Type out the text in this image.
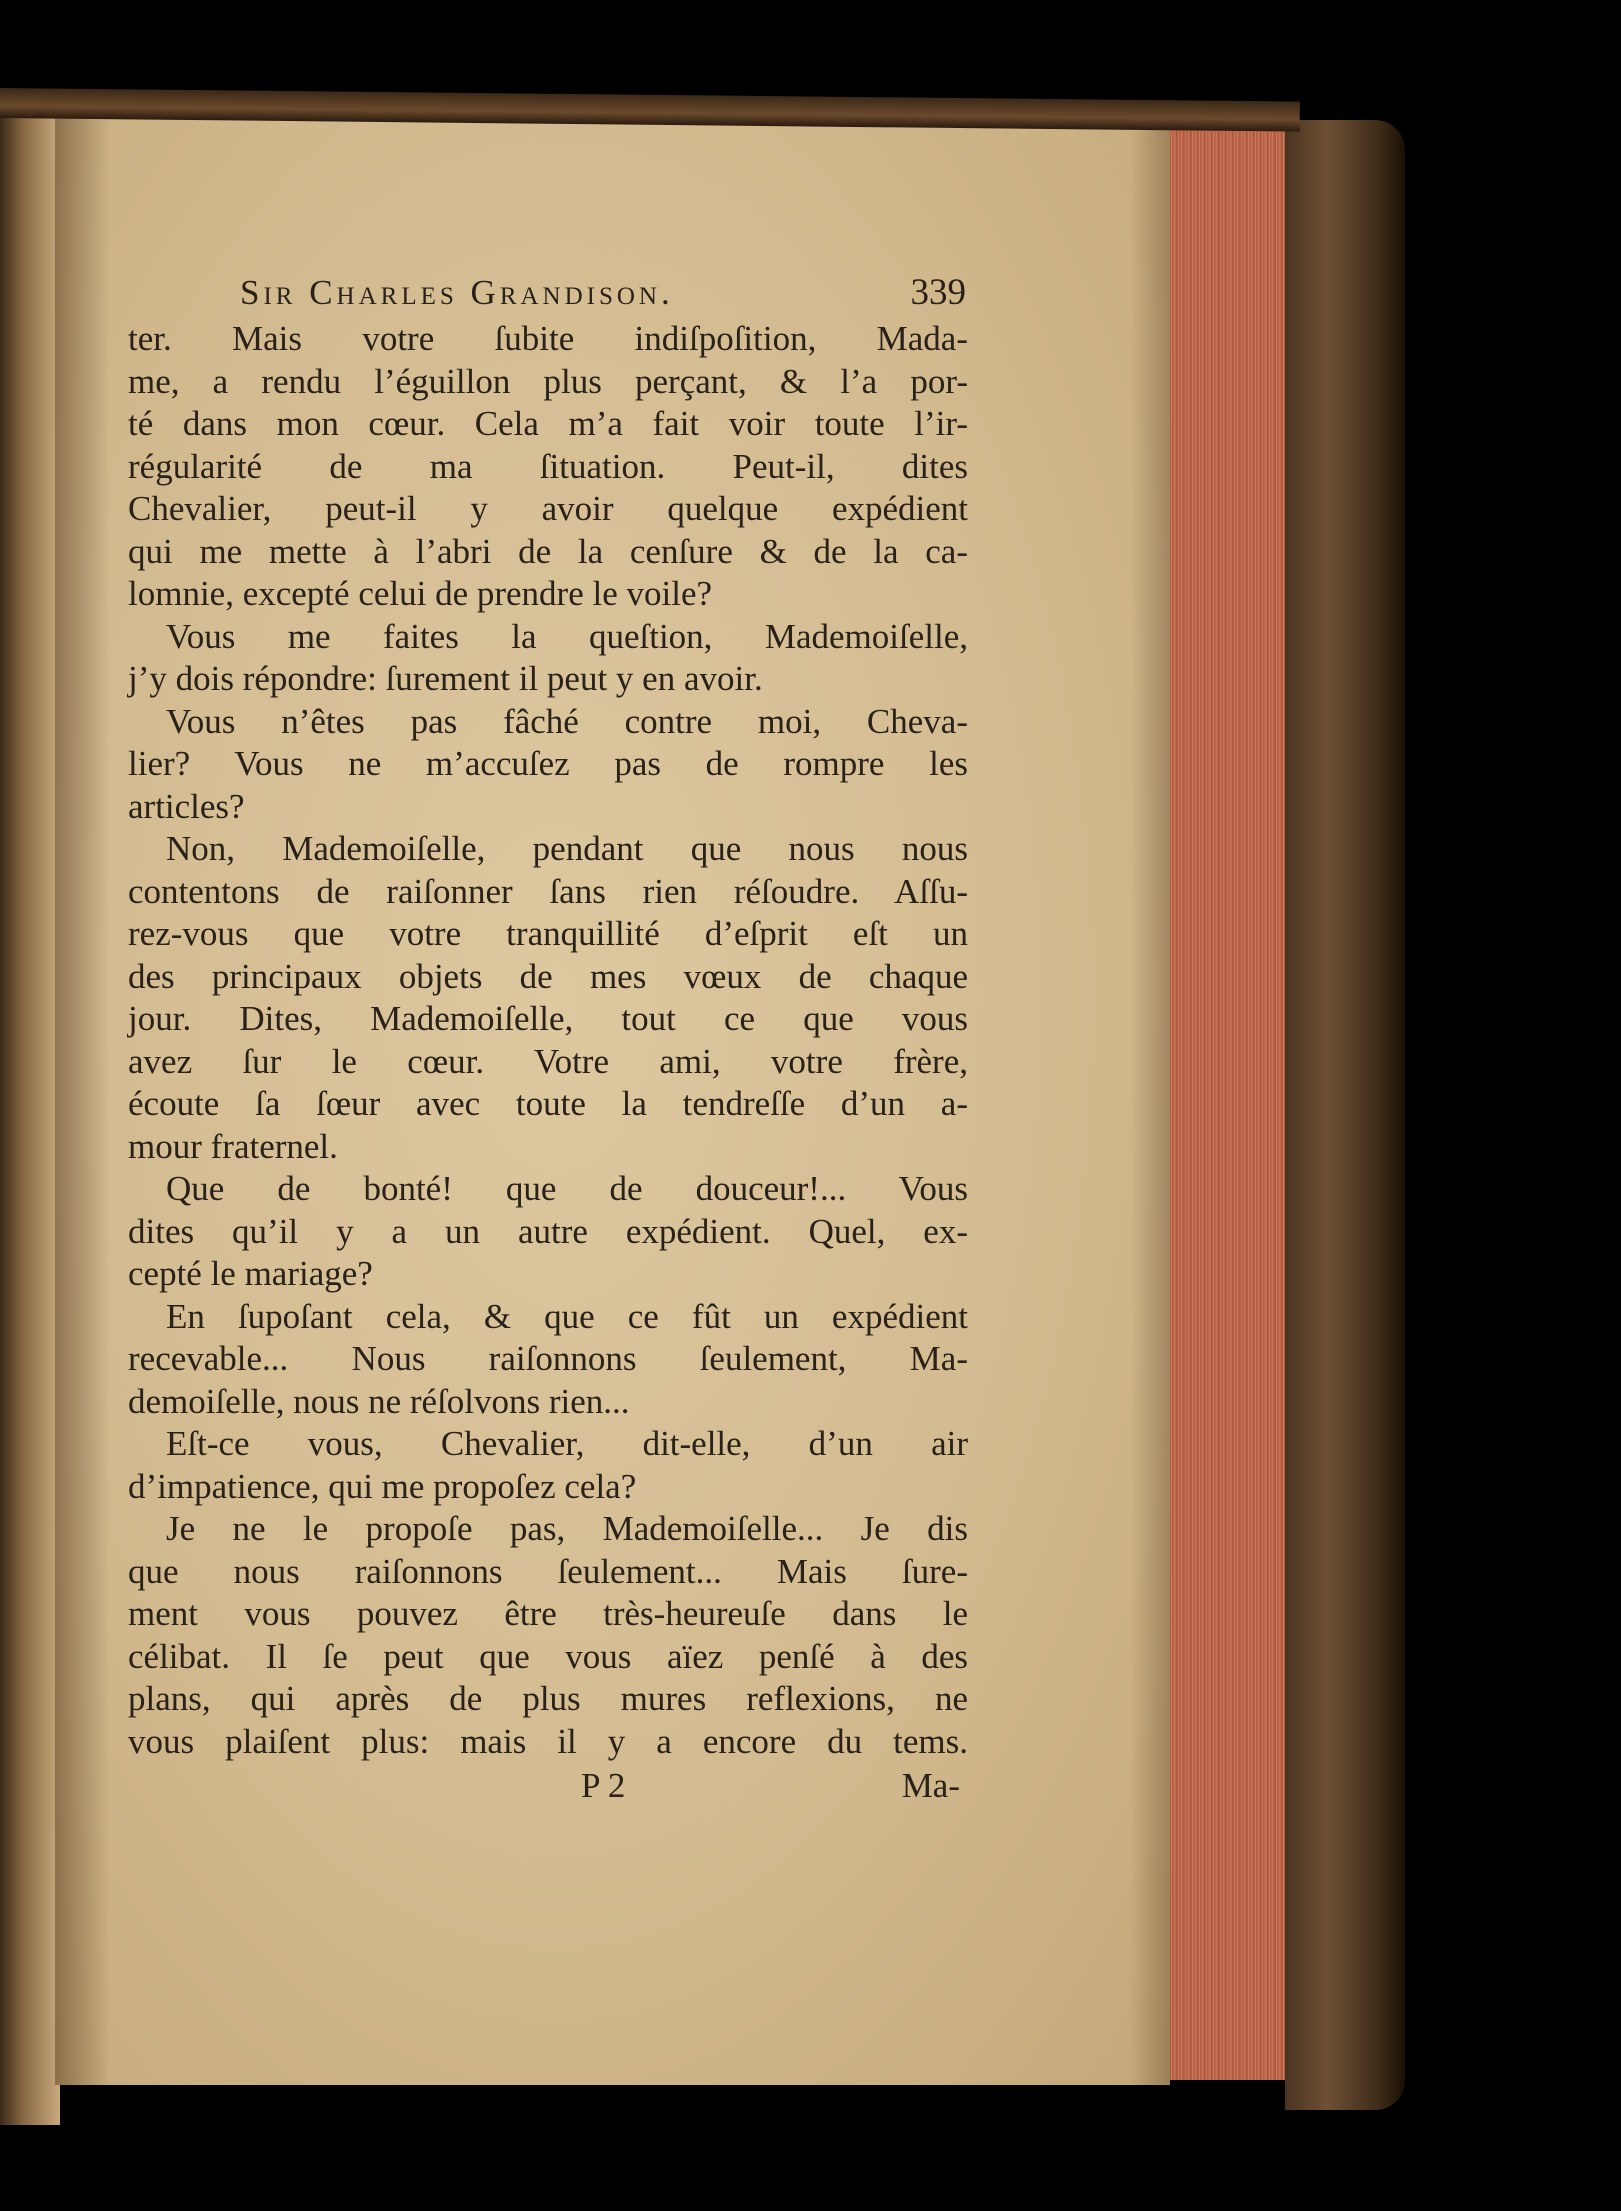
Sir Charles Grandison.	339
ter. Mais votre ſubite indiſpoſition, Mada-
me, a rendu l’éguillon plus perçant, & l’a por-
té dans mon cœur. Cela m’a fait voir toute l’ir-
régularité de ma ſituation. Peut-il, dites
Chevalier, peut-il y avoir quelque expédient
qui me mette à l’abri de la cenſure & de la ca-
lomnie, excepté celui de prendre le voile?
Vous me faites la queſtion, Mademoiſelle,
j’y dois répondre: ſurement il peut y en avoir.
Vous n’êtes pas fâché contre moi, Cheva-
lier? Vous ne m’accuſez pas de rompre les
articles?
Non, Mademoiſelle, pendant que nous nous
contentons de raiſonner ſans rien réſoudre. Aſſu-
rez-vous que votre tranquillité d’eſprit eſt un
des principaux objets de mes vœux de chaque
jour. Dites, Mademoiſelle, tout ce que vous
avez ſur le cœur. Votre ami, votre frère,
écoute ſa ſœur avec toute la tendreſſe d’un a-
mour fraternel.
Que de bonté! que de douceur!... Vous
dites qu’il y a un autre expédient. Quel, ex-
cepté le mariage?
En ſupoſant cela, & que ce fût un expédient
recevable... Nous raiſonnons ſeulement, Ma-
demoiſelle, nous ne réſolvons rien...
Eſt-ce vous, Chevalier, dit-elle, d’un air
d’impatience, qui me propoſez cela?
Je ne le propoſe pas, Mademoiſelle... Je dis
que nous raiſonnons ſeulement... Mais ſure-
ment vous pouvez être très-heureuſe dans le
célibat. Il ſe peut que vous aïez penſé à des
plans, qui après de plus mures reflexions, ne
vous plaiſent plus: mais il y a encore du tems.
P 2	Ma-
